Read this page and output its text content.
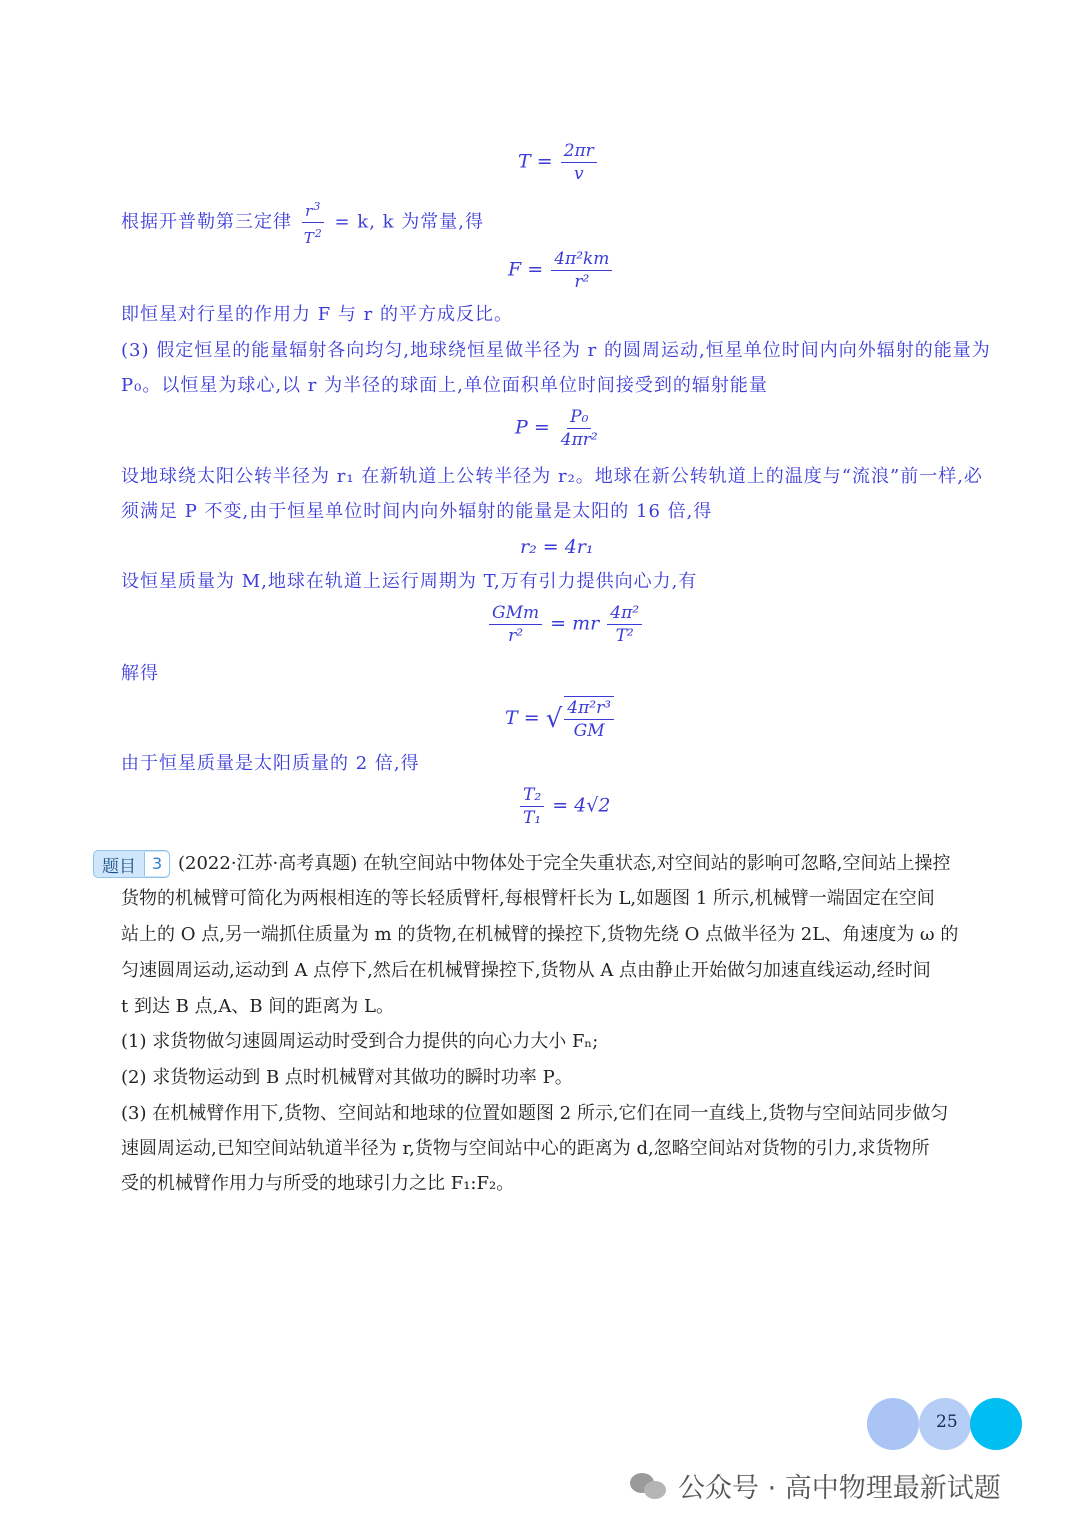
$T = \frac{2\pi r}{v}$
根据开普勒第三定律 $\frac{r^3}{T^2} = k$, k 为常量,得
$F = \frac{\text{4π²km}}{\text{r²}}$
即恒星对行星的作用力 F 与 r 的平方成反比。
(3) 假定恒星的能量辐射各向均匀,地球绕恒星做半径为 r 的圆周运动,恒星单位时间内向外辐射的能量为
P₀。以恒星为球心,以 r 为半径的球面上,单位面积单位时间接受到的辐射能量
$P = \frac{\text{P₀}}{\text{4πr²}}$
设地球绕太阳公转半径为 r₁ 在新轨道上公转半径为 r₂。地球在新公转轨道上的温度与“流浪”前一样,必
须满足 P 不变,由于恒星单位时间内向外辐射的能量是太阳的 16 倍,得
r₂ = 4r₁
设恒星质量为 M,地球在轨道上运行周期为 T,万有引力提供向心力,有
$\frac{\text{GMm}}{\text{r²}}$ = mr $\frac{\text{4π²}}{\text{T²}}$
解得
T = √ $\frac{\text{4π²r³}}{GM}$
由于恒星质量是太阳质量的 2 倍,得
$\frac{\text{T₂}}{\text{T₁}} = 4√2$
题目	3 (2022·江苏·高考真题) 在轨空间站中物体处于完全失重状态,对空间站的影响可忽略,空间站上操控
货物的机械臂可简化为两根相连的等长轻质臂杆,每根臂杆长为 L,如题图 1 所示,机械臂一端固定在空间
站上的 O 点,另一端抓住质量为 m 的货物,在机械臂的操控下,货物先绕 O 点做半径为 2L、角速度为 ω 的
匀速圆周运动,运动到 A 点停下,然后在机械臂操控下,货物从 A 点由静止开始做匀加速直线运动,经时间
t 到达 B 点,A、B 间的距离为 L。
(1) 求货物做匀速圆周运动时受到合力提供的向心力大小 Fₙ;
(2) 求货物运动到 B 点时机械臂对其做功的瞬时功率 P。
(3) 在机械臂作用下,货物、空间站和地球的位置如题图 2 所示,它们在同一直线上,货物与空间站同步做匀
速圆周运动,已知空间站轨道半径为 r,货物与空间站中心的距离为 d,忽略空间站对货物的引力,求货物所
受的机械臂作用力与所受的地球引力之比 F₁:F₂。
25
公众号 · 高中物理最新试题
